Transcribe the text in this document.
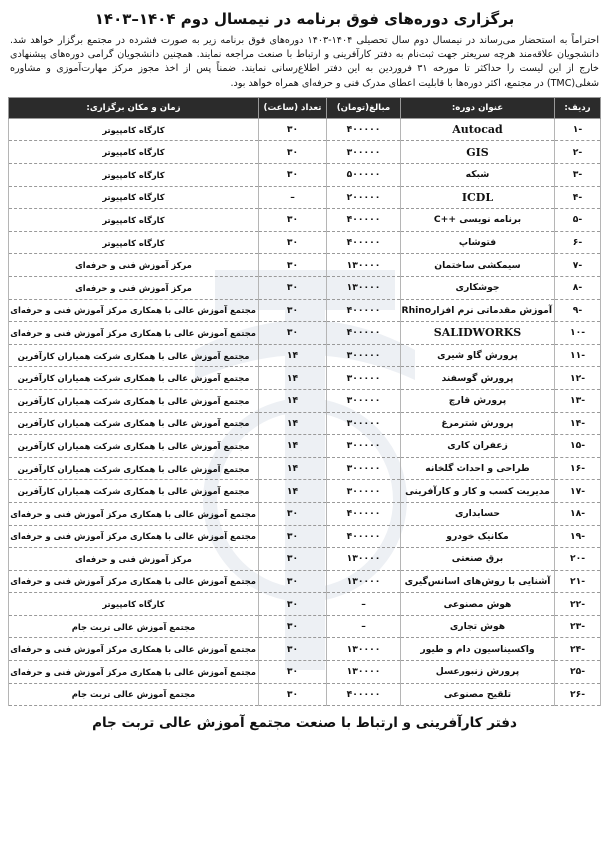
برگزاری دوره‌های فوق برنامه در نیمسال دوم ۱۴۰۴–۱۴۰۳
احتراماً به استحضار می‌رساند در نیمسال دوم سال تحصیلی ۱۴۰۴-۱۴۰۳ دوره‌های فوق برنامه زیر به صورت فشرده در مجتمع برگزار خواهد شد. دانشجویان علاقه‌مند هرچه سریعتر جهت ثبت‌نام به دفتر کارآفرینی و ارتباط با صنعت مراجعه نمایند. همچنین دانشجویان گرامی دوره‌های پیشنهادی خارج از این لیست را حداکثر تا مورخه ۳۱ فروردین به این دفتر اطلاع‌رسانی نمایند. ضمناً پس از اخذ مجوز مرکز مهارت‌آموزی و مشاوره شغلی(TMC) در مجتمع، اکثر دوره‌ها با قابلیت اعطای مدرک فنی و حرفه‌ای همراه خواهد بود.
ردیف:	عنوان دوره:	مبالغ(تومان)	تعداد (ساعت)	زمان و مکان برگزاری:
-۱	Autocad	۴۰۰۰۰۰	۳۰	کارگاه کامپیوتر
-۲	GIS	۳۰۰۰۰۰	۳۰	کارگاه کامپیوتر
-۳	شبکه	۵۰۰۰۰۰	۳۰	کارگاه کامپیوتر
-۴	ICDL	۲۰۰۰۰۰	–	کارگاه کامپیوتر
-۵	برنامه نویسی ++C	۴۰۰۰۰۰	۳۰	کارگاه کامپیوتر
-۶	فتوشاپ	۴۰۰۰۰۰	۳۰	کارگاه کامپیوتر
-۷	سیمکشی ساختمان	۱۳۰۰۰۰	۳۰	مرکز آموزش فنی و حرفه‌ای
-۸	جوشکاری	۱۳۰۰۰۰	۳۰	مرکز آموزش فنی و حرفه‌ای
-۹	آموزش مقدماتی نرم افزارRhino	۴۰۰۰۰۰	۳۰	مجتمع آموزش عالی با همکاری مرکز آموزش فنی و حرفه‌ای
-۱۰	SALIDWORKS	۴۰۰۰۰۰	۳۰	مجتمع آموزش عالی با همکاری مرکز آموزش فنی و حرفه‌ای
-۱۱	پرورش گاو شیری	۳۰۰۰۰۰	۱۴	مجتمع آموزش عالی با همکاری شرکت همیاران کارآفرین
-۱۲	پرورش گوسفند	۳۰۰۰۰۰	۱۴	مجتمع آموزش عالی با همکاری شرکت همیاران کارآفرین
-۱۳	پرورش قارچ	۳۰۰۰۰۰	۱۴	مجتمع آموزش عالی با همکاری شرکت همیاران کارآفرین
-۱۴	پرورش شترمرغ	۳۰۰۰۰۰	۱۴	مجتمع آموزش عالی با همکاری شرکت همیاران کارآفرین
-۱۵	زعفران کاری	۳۰۰۰۰۰	۱۴	مجتمع آموزش عالی با همکاری شرکت همیاران کارآفرین
-۱۶	طراحی و احداث گلخانه	۳۰۰۰۰۰	۱۴	مجتمع آموزش عالی با همکاری شرکت همیاران کارآفرین
-۱۷	مدیریت کسب و کار و کارآفرینی	۳۰۰۰۰۰	۱۴	مجتمع آموزش عالی با همکاری شرکت همیاران کارآفرین
-۱۸	حسابداری	۴۰۰۰۰۰	۳۰	مجتمع آموزش عالی با همکاری مرکز آموزش فنی و حرفه‌ای
-۱۹	مکانیک خودرو	۴۰۰۰۰۰	۳۰	مجتمع آموزش عالی با همکاری مرکز آموزش فنی و حرفه‌ای
-۲۰	برق صنعتی	۱۳۰۰۰۰	۳۰	مرکز آموزش فنی و حرفه‌ای
-۲۱	آشنایی با روش‌های اسانس‌گیری	۱۳۰۰۰۰	۳۰	مجتمع آموزش عالی با همکاری مرکز آموزش فنی و حرفه‌ای
-۲۲	هوش مصنوعی	–	۳۰	کارگاه کامپیوتر
-۲۳	هوش تجاری	–	۳۰	مجتمع آموزش عالی تربت جام
-۲۴	واکسیناسیون دام و طیور	۱۳۰۰۰۰	۳۰	مجتمع آموزش عالی با همکاری مرکز آموزش فنی و حرفه‌ای
-۲۵	پرورش زنبورعسل	۱۳۰۰۰۰	۳۰	مجتمع آموزش عالی با همکاری مرکز آموزش فنی و حرفه‌ای
-۲۶	تلقیح مصنوعی	۴۰۰۰۰۰	۳۰	مجتمع آموزش عالی تربت جام
دفتر کارآفرینی و ارتباط با صنعت مجتمع آموزش عالی تربت جام
